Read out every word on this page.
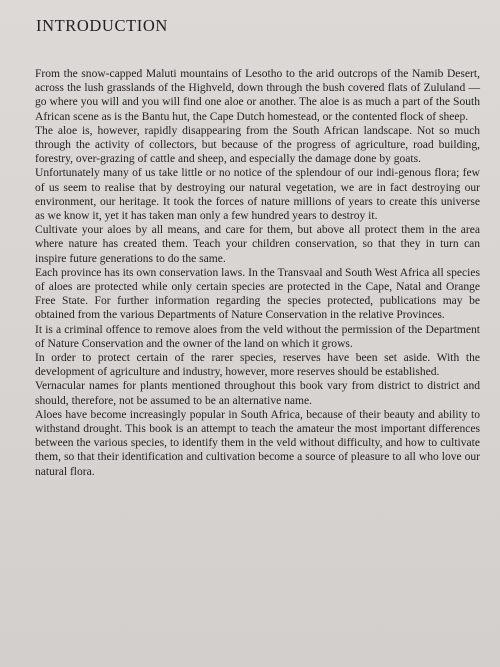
INTRODUCTION

From the snow-capped Maluti mountains of Lesotho to the arid outcrops of the Namib Desert, across the lush grasslands of the Highveld, down through the bush covered flats of Zululand — go where you will and you will find one aloe or another. The aloe is as much a part of the South African scene as is the Bantu hut, the Cape Dutch homestead, or the contented flock of sheep.

The aloe is, however, rapidly disappearing from the South African landscape. Not so much through the activity of collectors, but because of the progress of agriculture, road building, forestry, over-grazing of cattle and sheep, and especially the damage done by goats.

Unfortunately many of us take little or no notice of the splendour of our indi-genous flora; few of us seem to realise that by destroying our natural vegetation, we are in fact destroying our environment, our heritage. It took the forces of nature millions of years to create this universe as we know it, yet it has taken man only a few hundred years to destroy it.

Cultivate your aloes by all means, and care for them, but above all protect them in the area where nature has created them. Teach your children conservation, so that they in turn can inspire future generations to do the same.

Each province has its own conservation laws. In the Transvaal and South West Africa all species of aloes are protected while only certain species are protected in the Cape, Natal and Orange Free State. For further information regarding the species protected, publications may be obtained from the various Departments of Nature Conservation in the relative Provinces.

It is a criminal offence to remove aloes from the veld without the permission of the Department of Nature Conservation and the owner of the land on which it grows.

In order to protect certain of the rarer species, reserves have been set aside. With the development of agriculture and industry, however, more reserves should be established.

Vernacular names for plants mentioned throughout this book vary from district to district and should, therefore, not be assumed to be an alternative name.

Aloes have become increasingly popular in South Africa, because of their beauty and ability to withstand drought. This book is an attempt to teach the amateur the most important differences between the various species, to identify them in the veld without difficulty, and how to cultivate them, so that their identification and cultivation become a source of pleasure to all who love our natural flora.
